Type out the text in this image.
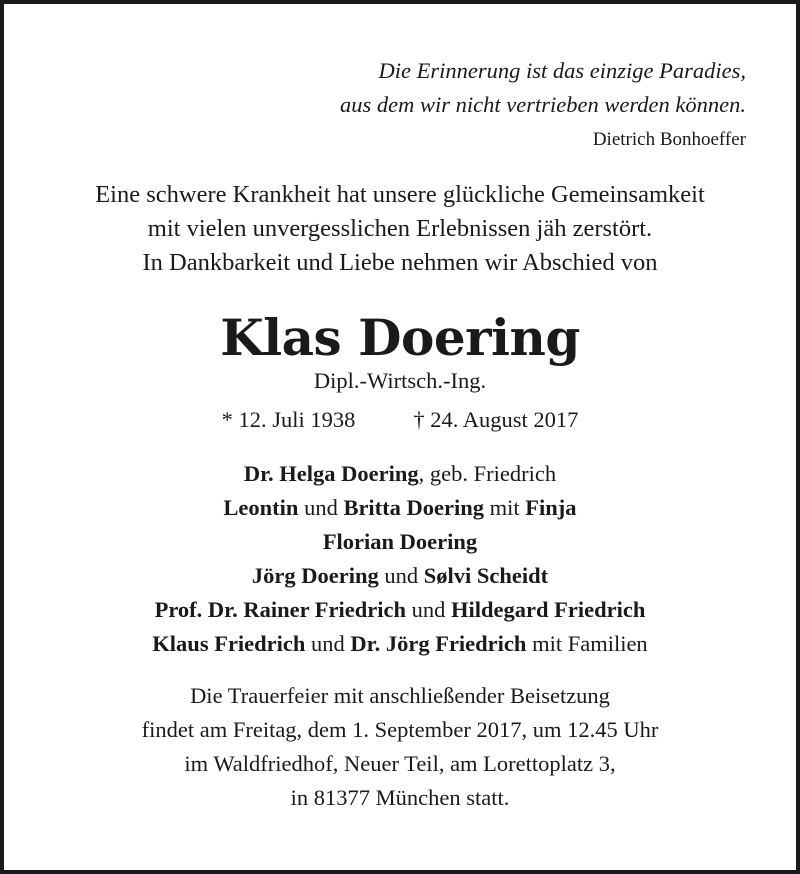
Die Erinnerung ist das einzige Paradies,
aus dem wir nicht vertrieben werden können.
Dietrich Bonhoeffer
Eine schwere Krankheit hat unsere glückliche Gemeinsamkeit
mit vielen unvergesslichen Erlebnissen jäh zerstört.
In Dankbarkeit und Liebe nehmen wir Abschied von
Klas Doering
Dipl.-Wirtsch.-Ing.
* 12. Juli 1938	† 24. August 2017
Dr. Helga Doering, geb. Friedrich
Leontin und Britta Doering mit Finja
Florian Doering
Jörg Doering und Sølvi Scheidt
Prof. Dr. Rainer Friedrich und Hildegard Friedrich
Klaus Friedrich und Dr. Jörg Friedrich mit Familien
Die Trauerfeier mit anschließender Beisetzung
findet am Freitag, dem 1. September 2017, um 12.45 Uhr
im Waldfriedhof, Neuer Teil, am Lorettoplatz 3,
in 81377 München statt.
